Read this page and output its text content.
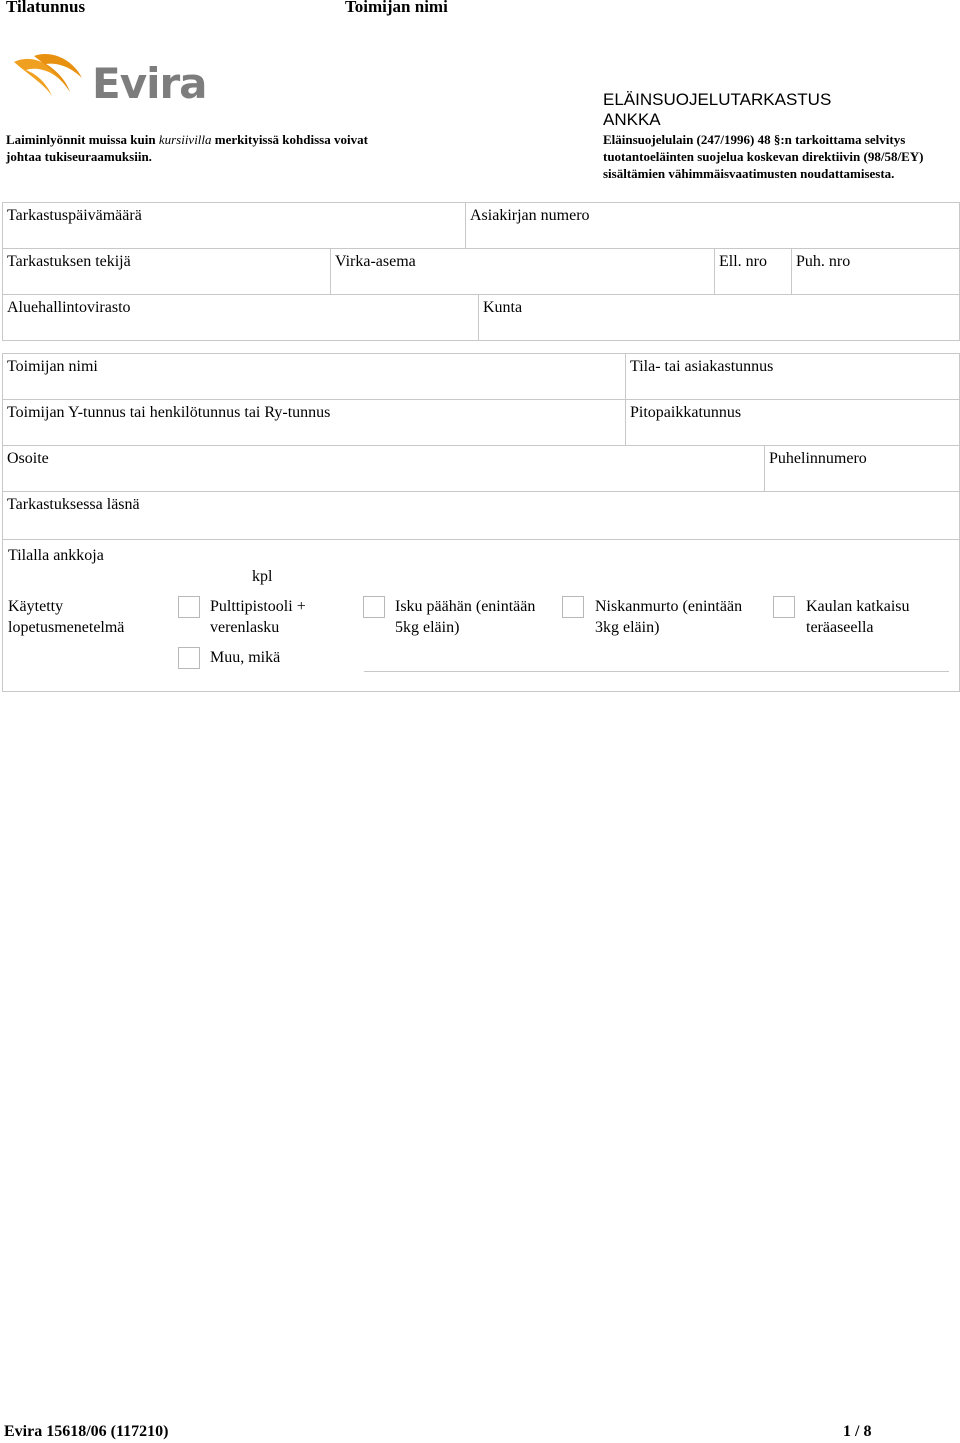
Tilatunnus	Toimijan nimi
Evira
Laiminlyönnit muissa kuin kursiivilla merkityissä kohdissa voivat
johtaa tukiseuraamuksiin.
ELÄINSUOJELUTARKASTUS
ANKKA
Eläinsuojelulain (247/1996) 48 §:n tarkoittama selvitys
tuotantoeläinten suojelua koskevan direktiivin (98/58/EY)
sisältämien vähimmäisvaatimusten noudattamisesta.
Tarkastuspäivämäärä	Asiakirjan numero
Tarkastuksen tekijä	Virka-asema	Ell. nro	Puh. nro
Aluehallintovirasto	Kunta
Toimijan nimi	Tila- tai asiakastunnus
Toimijan Y-tunnus tai henkilötunnus tai Ry-tunnus	Pitopaikkatunnus
Osoite	Puhelinnumero
Tarkastuksessa läsnä
Tilalla ankkoja
kpl
Käytetty
lopetusmenetelmä
Pulttipistooli +
verenlasku
Isku päähän (enintään
5kg eläin)
Niskanmurto (enintään
3kg eläin)
Kaulan katkaisu
teräaseella
Muu, mikä
Evira 15618/06 (117210)	1 / 8
